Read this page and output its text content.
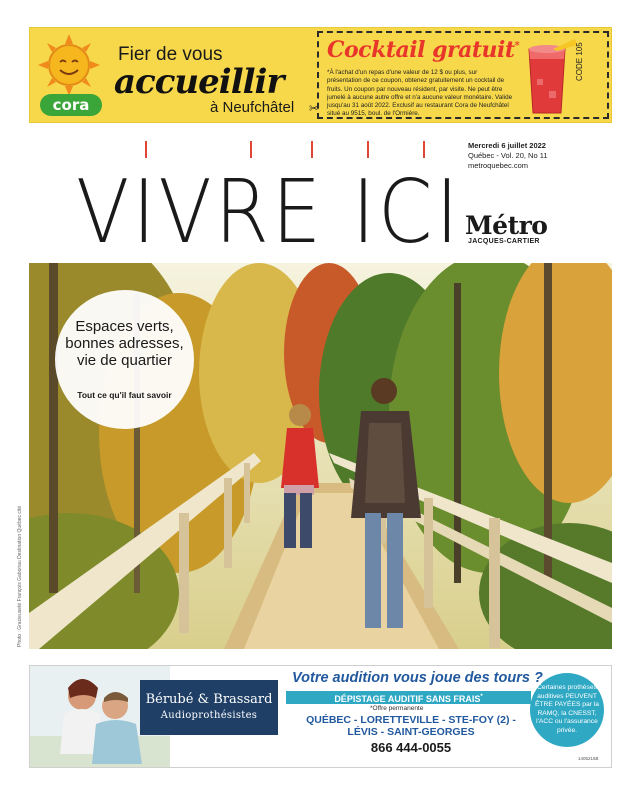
cora
Fier de vous
accueillir
à Neufchâtel
Cocktail gratuit*
*À l'achat d'un repas d'une valeur de 12 $ ou plus, sur présentation de ce coupon, obtenez gratuitement un cocktail de fruits. Un coupon par nouveau résident, par visite. Ne peut être jumelé à aucune autre offre et n'a aucune valeur monétaire. Valide jusqu'au 31 août 2022. Exclusif au restaurant Cora de Neufchâtel situé au 9515, boul. de l'Ormière.
CODE 105
✂
VIVRE ICI
Mercredi 6 juillet 2022
Québec - Vol. 20, No 11
metroquebec.com
Métro
JACQUES-CARTIER
Espaces verts, bonnes adresses, vie de quartier
Tout ce qu'il faut savoir
Photo : Gracieuseté François Gaboriau Destination Québec cité
Bérubé & Brassard
Audioprothésistes
Votre audition vous joue des tours ?
DÉPISTAGE AUDITIF SANS FRAIS*
*Offre permanente
QUÉBEC - LORETTEVILLE - STE-FOY (2) - LÉVIS - SAINT-GEORGES
866 444-0055
Certaines prothèses auditives PEUVENT ÊTRE PAYÉES par la RAMQ, la CNESST, l'ACC ou l'assurance privée.
1405215B
